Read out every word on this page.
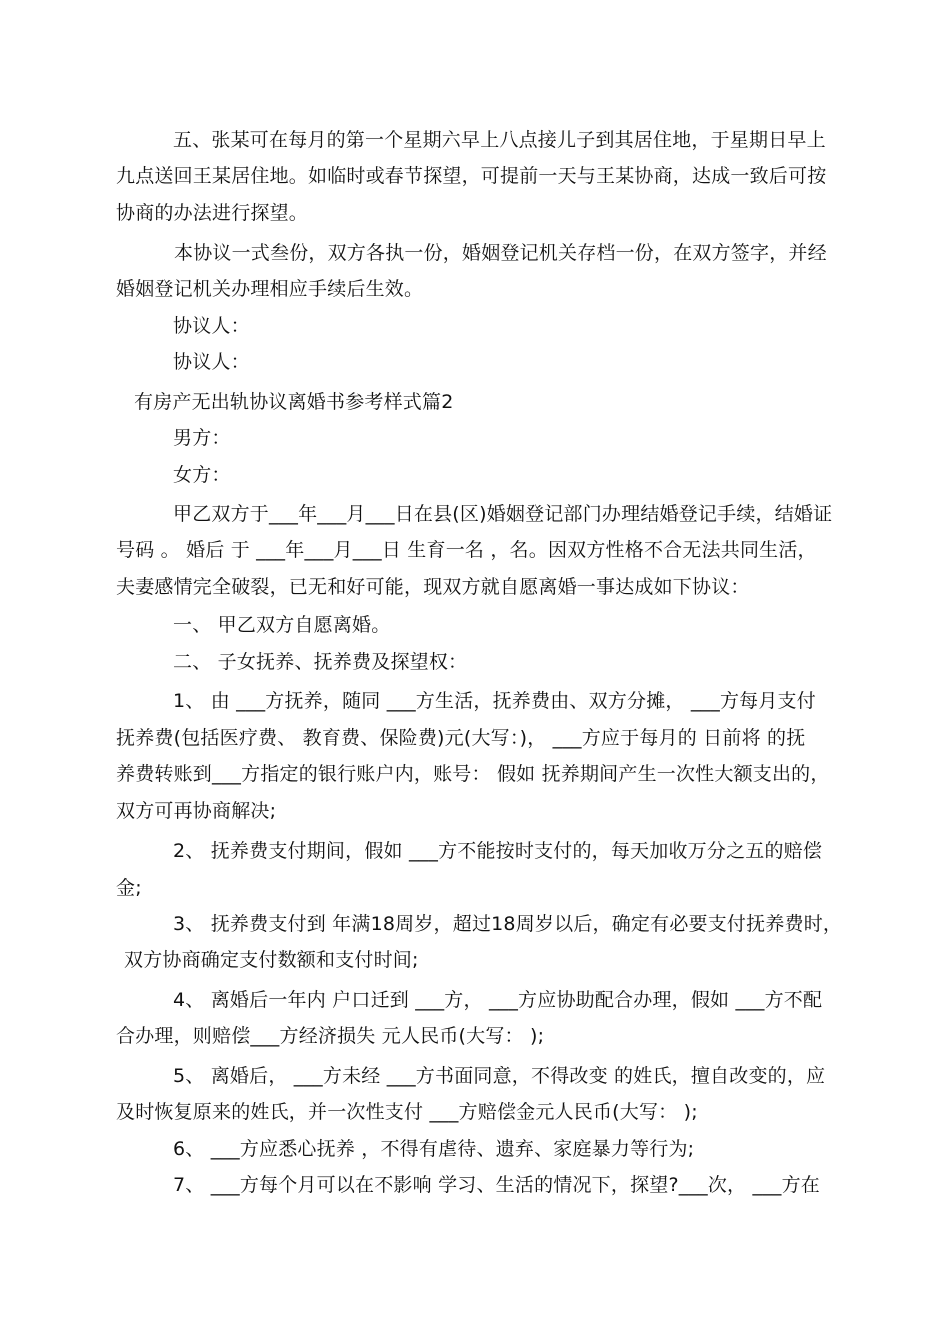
五、张某可在每月的第一个星期六早上八点接儿子到其居住地，于星期日早上
九点送回王某居住地。如临时或春节探望，可提前一天与王某协商，达成一致后可按
协商的办法进行探望。
本协议一式叁份，双方各执一份，婚姻登记机关存档一份，在双方签字，并经
婚姻登记机关办理相应手续后生效。
协议人：
协议人：
有房产无出轨协议离婚书参考样式篇2
男方：
女方：
甲乙双方于___年___月___日在县(区)婚姻登记部门办理结婚登记手续，结婚证
号码 。 婚后 于 ___年___月___日 生育一名 ，名。因双方性格不合无法共同生活，
夫妻感情完全破裂，已无和好可能，现双方就自愿离婚一事达成如下协议：
一、 甲乙双方自愿离婚。
二、 子女抚养、抚养费及探望权：
1、 由 ___方抚养，随同 ___方生活，抚养费由、双方分摊， ___方每月支付
抚养费(包括医疗费、 教育费、保险费)元(大写：)， ___方应于每月的 日前将 的抚
养费转账到___方指定的银行账户内，账号： 假如 抚养期间产生一次性大额支出的，
双方可再协商解决;
2、 抚养费支付期间，假如 ___方不能按时支付的，每天加收万分之五的赔偿
金;
3、 抚养费支付到 年满18周岁，超过18周岁以后，确定有必要支付抚养费时，
双方协商确定支付数额和支付时间;
4、 离婚后一年内 户口迁到 ___方， ___方应协助配合办理，假如 ___方不配
合办理，则赔偿___方经济损失 元人民币(大写： );
5、 离婚后， ___方未经 ___方书面同意，不得改变 的姓氏，擅自改变的，应
及时恢复原来的姓氏，并一次性支付 ___方赔偿金元人民币(大写： );
6、 ___方应悉心抚养 ，不得有虐待、遗弃、家庭暴力等行为;
7、 ___方每个月可以在不影响 学习、生活的情况下，探望?___次， ___方在
